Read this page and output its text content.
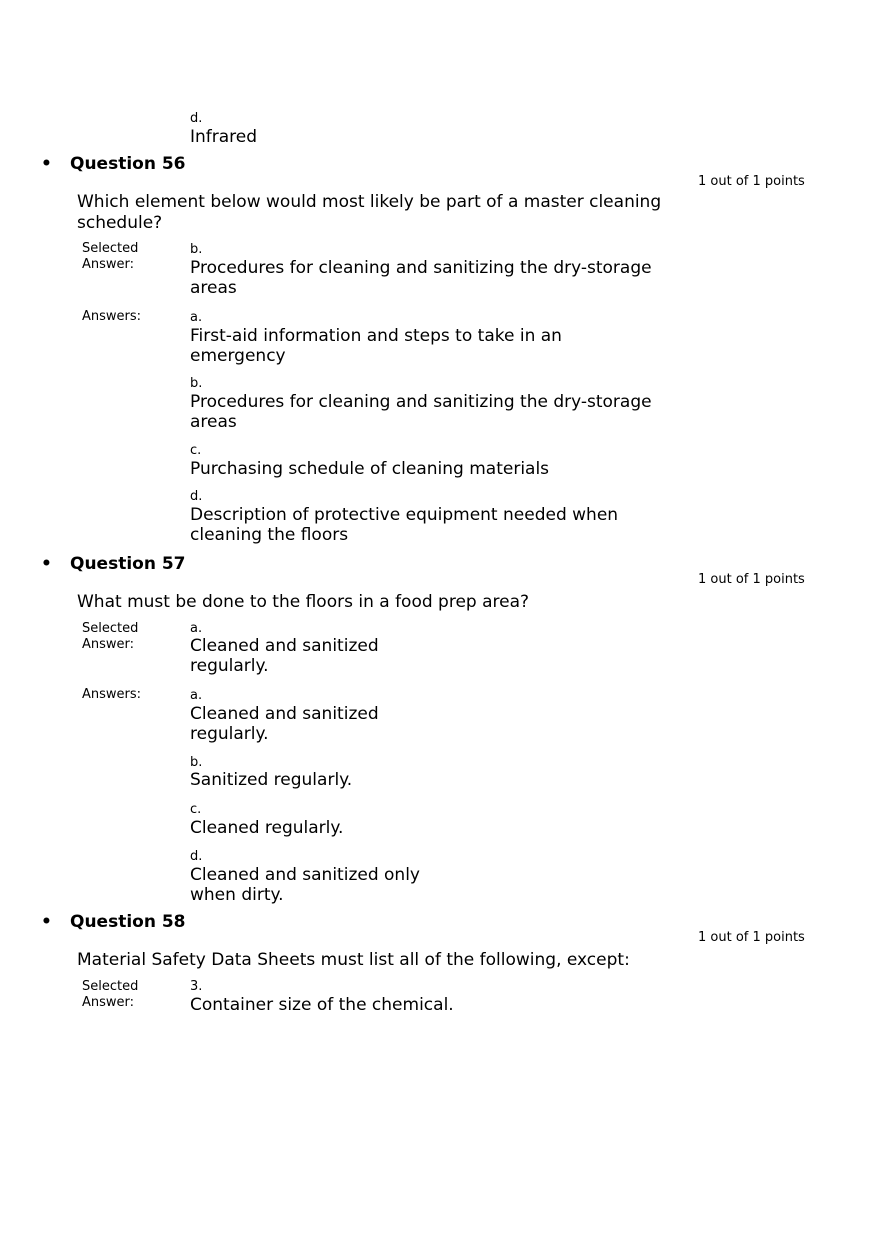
d.
Infrared
• Question 56
1 out of 1 points
Which element below would most likely be part of a master cleaning
schedule?
Selected
Answer:
b.
Procedures for cleaning and sanitizing the dry-storage
areas
Answers:	a.
First-aid information and steps to take in an
emergency
b.
Procedures for cleaning and sanitizing the dry-storage
areas
c.
Purchasing schedule of cleaning materials
d.
Description of protective equipment needed when
cleaning the floors
• Question 57
1 out of 1 points
What must be done to the floors in a food prep area?
Selected
Answer:
a.
Cleaned and sanitized
regularly.
Answers:	a.
Cleaned and sanitized
regularly.
b.
Sanitized regularly.
c.
Cleaned regularly.
d.
Cleaned and sanitized only
when dirty.
• Question 58
1 out of 1 points
Material Safety Data Sheets must list all of the following, except:
Selected
Answer:
3.
Container size of the chemical.
